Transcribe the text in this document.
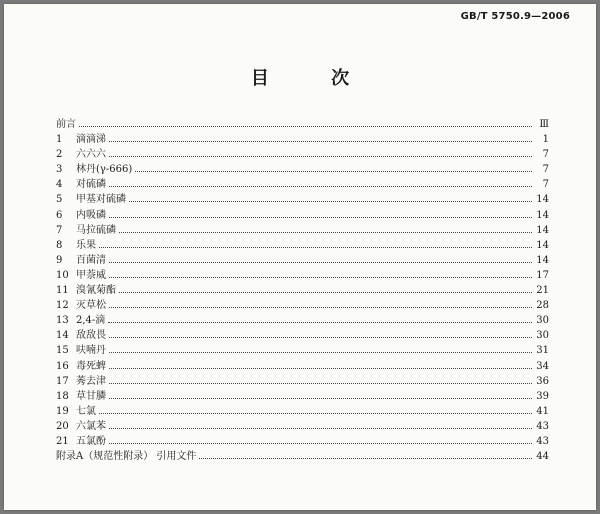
GB/T 5750.9—2006
目 次
前言	Ⅲ
1	滴滴涕	1
2	六六六	7
3	林丹(γ-666)	7
4	对硫磷	7
5	甲基对硫磷	14
6	内吸磷	14
7	马拉硫磷	14
8	乐果	14
9	百菌清	14
10 甲萘威	17
11 溴氰菊酯	21
12 灭草松	28
13 2,4-滴	30
14 敌敌畏	30
15 呋喃丹	31
16 毒死蜱	34
17 莠去津	36
18 草甘膦	39
19 七氯	41
20 六氯苯	43
21 五氯酚	43
附录A（规范性附录） 引用文件	44
